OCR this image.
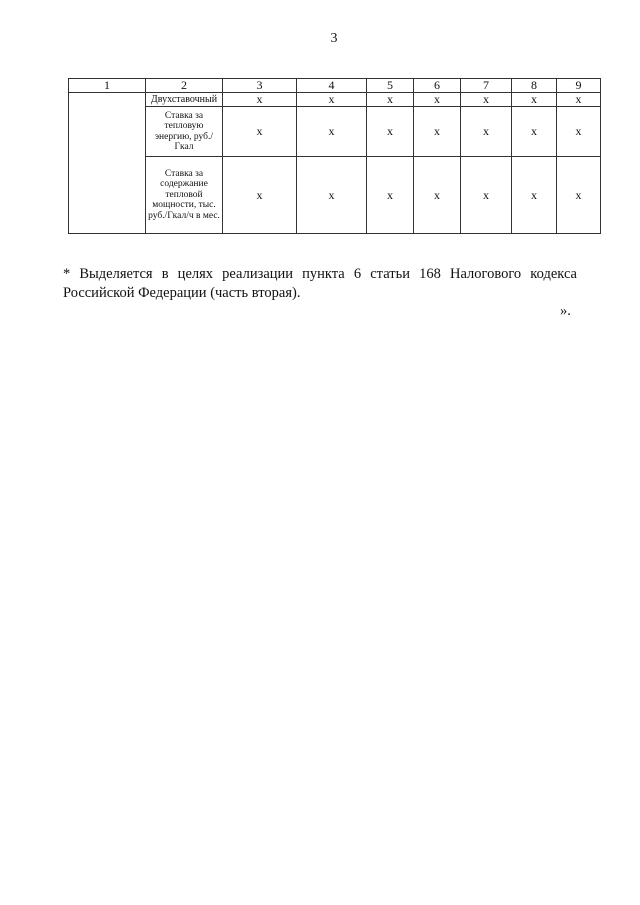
3
1	2	3	4	5	6	7	8	9
	Двухставочный	х	х	х	х	х	х	х
	Ставка за тепловую энергию, руб./Гкал	х	х	х	х	х	х	х
	Ставка за содержание тепловой мощности, тыс. руб./Гкал/ч в мес.	х	х	х	х	х	х	х
* Выделяется в целях реализации пункта 6 статьи 168 Налогового кодекса
Российской Федерации (часть вторая).
».
